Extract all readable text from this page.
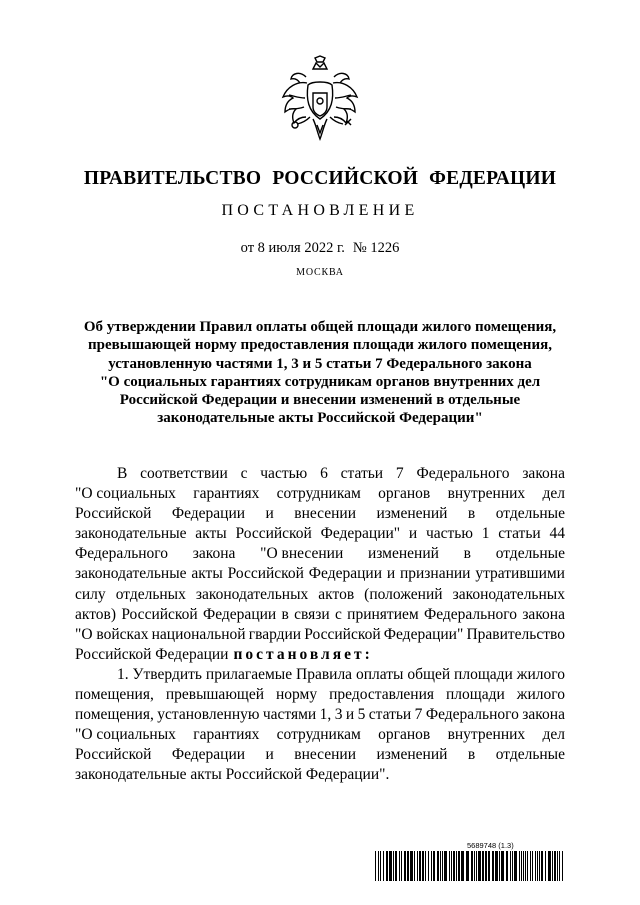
ПРАВИТЕЛЬСТВО РОССИЙСКОЙ ФЕДЕРАЦИИ
ПОСТАНОВЛЕНИЕ
от 8 июля 2022 г. № 1226
МОСКВА
Об утверждении Правил оплаты общей площади жилого помещения,
превышающей норму предоставления площади жилого помещения,
установленную частями 1, 3 и 5 статьи 7 Федерального закона
"О социальных гарантиях сотрудникам органов внутренних дел
Российской Федерации и внесении изменений в отдельные
законодательные акты Российской Федерации"
В соответствии с частью 6 статьи 7 Федерального закона
"О социальных гарантиях сотрудникам органов внутренних дел
Российской Федерации и внесении изменений в отдельные
законодательные акты Российской Федерации" и частью 1 статьи 44
Федерального закона "О внесении изменений в отдельные
законодательные акты Российской Федерации и признании утратившими
силу отдельных законодательных актов (положений законодательных
актов) Российской Федерации в связи с принятием Федерального закона
"О войсках национальной гвардии Российской Федерации" Правительство
Российской Федерации постановляет:
1. Утвердить прилагаемые Правила оплаты общей площади жилого
помещения, превышающей норму предоставления площади жилого
помещения, установленную частями 1, 3 и 5 статьи 7 Федерального закона
"О социальных гарантиях сотрудникам органов внутренних дел
Российской Федерации и внесении изменений в отдельные
законодательные акты Российской Федерации".
5689748 (1.3)
